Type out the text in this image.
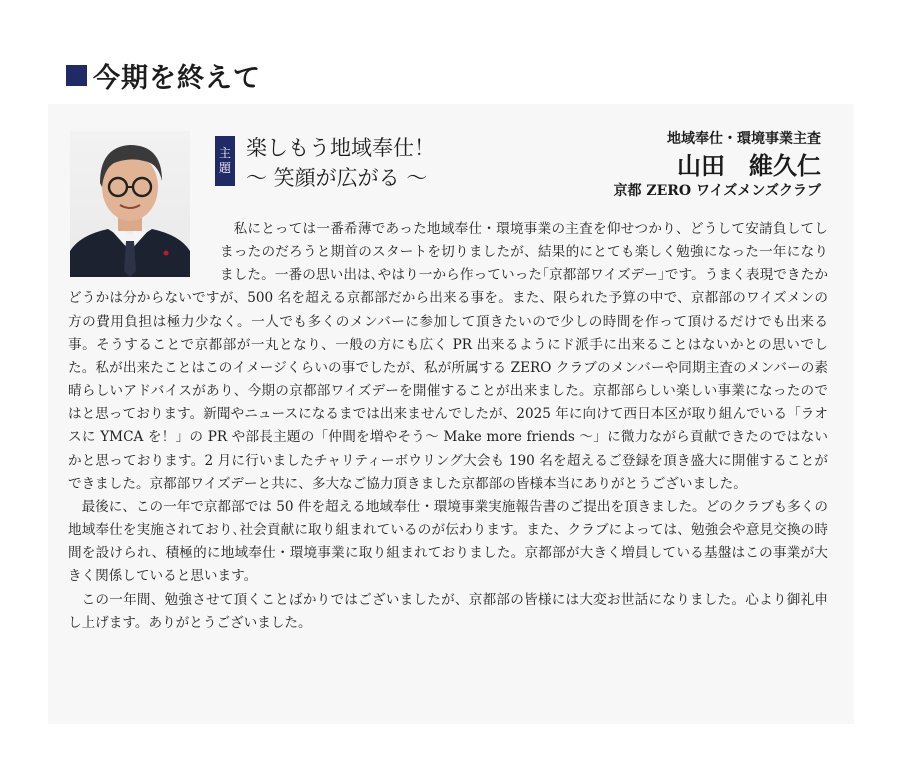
今期を終えて
主
題
楽しもう地域奉仕！
〜 笑顔が広がる 〜
地域奉仕・環境事業主査
山田　維久仁
京都 ZERO ワイズメンズクラブ

私にとっては一番希薄であった地域奉仕・環境事業の主査を仰せつかり、どうして安請負してしまったのだろうと期首のスタートを切りましたが、結果的にとても楽しく勉強になった一年になりました。一番の思い出は､やはり一から作っていった｢京都部ワイズデー｣です。うまく表現できたかどうかは分からないですが、500 名を超える京都部だから出来る事を。また、限られた予算の中で、京都部のワイズメンの方の費用負担は極力少なく。一人でも多くのメンバーに参加して頂きたいので少しの時間を作って頂けるだけでも出来る事。そうすることで京都部が一丸となり、一般の方にも広く PR 出来るようにド派手に出来ることはないかとの思いでした。私が出来たことはこのイメージくらいの事でしたが、私が所属する ZERO クラブのメンバーや同期主査のメンバーの素晴らしいアドバイスがあり、今期の京都部ワイズデーを開催することが出来ました。京都部らしい楽しい事業になったのではと思っております。新聞やニュースになるまでは出来ませんでしたが、2025 年に向けて西日本区が取り組んでいる「ラオスに YMCA を！」の PR や部長主題の「仲間を増やそう〜 Make more friends 〜」に微力ながら貢献できたのではないかと思っております。2 月に行いましたチャリティーボウリング大会も 190 名を超えるご登録を頂き盛大に開催することができました。京都部ワイズデーと共に、多大なご協力頂きました京都部の皆様本当にありがとうございました。

最後に、この一年で京都部では 50 件を超える地域奉仕・環境事業実施報告書のご提出を頂きました。どのクラブも多くの地域奉仕を実施されており､社会貢献に取り組まれているのが伝わります。また、クラブによっては、勉強会や意見交換の時間を設けられ、積極的に地域奉仕・環境事業に取り組まれておりました。京都部が大きく増員している基盤はこの事業が大きく関係していると思います。

この一年間、勉強させて頂くことばかりではございましたが、京都部の皆様には大変お世話になりました。心より御礼申し上げます。ありがとうございました。
